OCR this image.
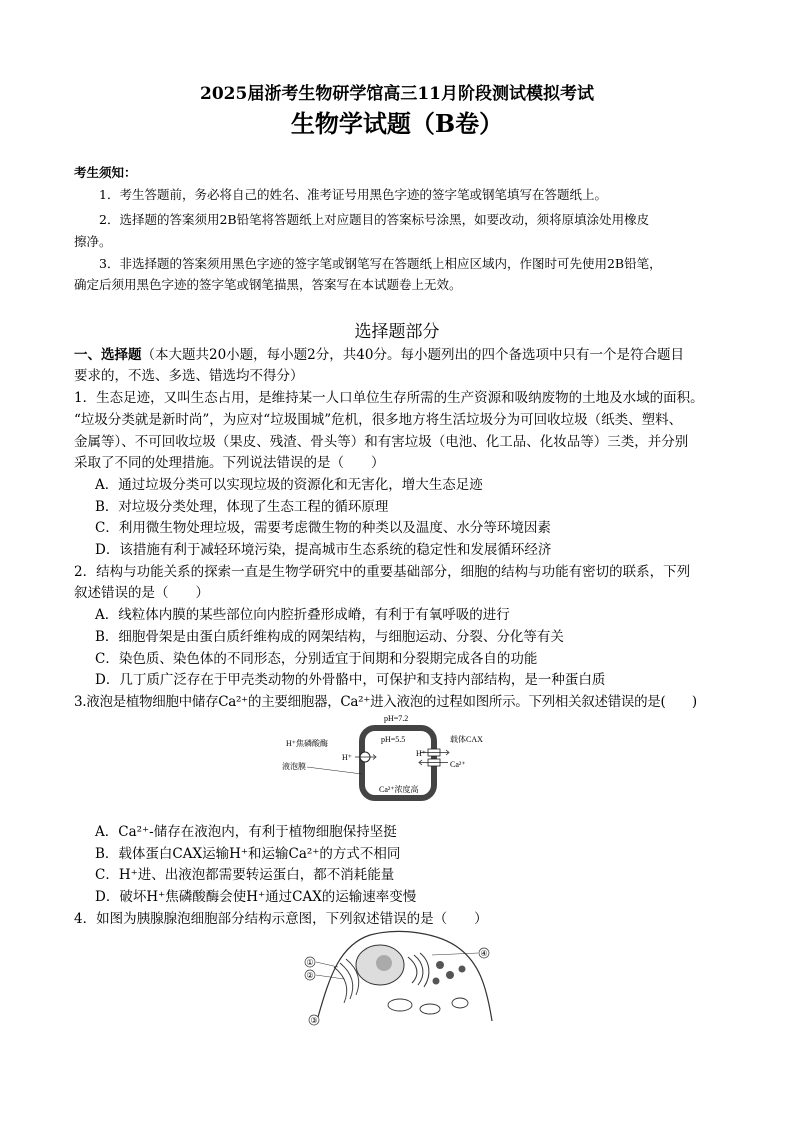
2025届浙考生物研学馆高三11月阶段测试模拟考试
生物学试题（B卷）
考生须知：
1．考生答题前，务必将自己的姓名、准考证号用黑色字迹的签字笔或钢笔填写在答题纸上。
2．选择题的答案须用2B铅笔将答题纸上对应题目的答案标号涂黑，如要改动，须将原填涂处用橡皮
擦净。
3．非选择题的答案须用黑色字迹的签字笔或钢笔写在答题纸上相应区域内，作图时可先使用2B铅笔，
确定后须用黑色字迹的签字笔或钢笔描黑，答案写在本试题卷上无效。
选择题部分
一、选择题（本大题共20小题，每小题2分，共40分。每小题列出的四个备选项中只有一个是符合题目
要求的，不选、多选、错选均不得分）
1．生态足迹，又叫生态占用，是维持某一人口单位生存所需的生产资源和吸纳废物的土地及水域的面积。
“垃圾分类就是新时尚”，为应对“垃圾围城”危机，很多地方将生活垃圾分为可回收垃圾（纸类、塑料、
金属等）、不可回收垃圾（果皮、残渣、骨头等）和有害垃圾（电池、化工品、化妆品等）三类，并分别
采取了不同的处理措施。下列说法错误的是（　　）
A．通过垃圾分类可以实现垃圾的资源化和无害化，增大生态足迹
B．对垃圾分类处理，体现了生态工程的循环原理
C．利用微生物处理垃圾，需要考虑微生物的种类以及温度、水分等环境因素
D．该措施有利于减轻环境污染，提高城市生态系统的稳定性和发展循环经济
2．结构与功能关系的探索一直是生物学研究中的重要基础部分，细胞的结构与功能有密切的联系，下列
叙述错误的是（　　）
A．线粒体内膜的某些部位向内腔折叠形成嵴，有利于有氧呼吸的进行
B．细胞骨架是由蛋白质纤维构成的网架结构，与细胞运动、分裂、分化等有关
C．染色质、染色体的不同形态，分别适宜于间期和分裂期完成各自的功能
D．几丁质广泛存在于甲壳类动物的外骨骼中，可保护和支持内部结构，是一种蛋白质
3.液泡是植物细胞中储存Ca²⁺的主要细胞器，Ca²⁺进入液泡的过程如图所示。下列相关叙述错误的是(　　)
pH=7.2
pH=5.5
H⁺焦磷酸酶
H⁺	H⁺
载体CAX
Ca²⁺
液泡膜
Ca²⁺浓度高
A．Ca²⁺-储存在液泡内，有利于植物细胞保持坚挺
B．载体蛋白CAX运输H⁺和运输Ca²⁺的方式不相同
C．H⁺进、出液泡都需要转运蛋白，都不消耗能量
D．破坏H⁺焦磷酸酶会使H⁺通过CAX的运输速率变慢
4．如图为胰腺腺泡细胞部分结构示意图，下列叙述错误的是（　　）
①
②
③
④
